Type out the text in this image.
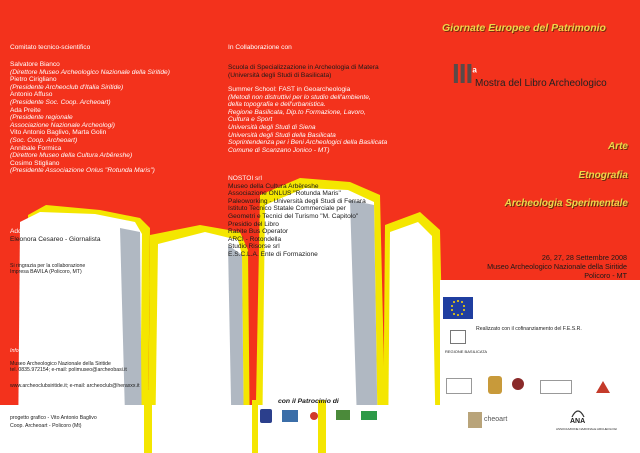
Comitato tecnico-scientifico
Salvatore Bianco
(Direttore Museo Archeologico Nazionale della Siritide)
Pietro Cirigliano
(Presidente Archeoclub d'Italia Siritide)
Antonio Affuso
(Presidente Soc. Coop. Archeoart)
Ada Preite
(Presidente regionale
Associazione Nazionale Archeologi)
Vito Antonio Baglivo, Marta Golin
(Soc. Coop. Archeoart)
Annibale Formica
(Direttore Museo della Cultura Arbëreshe)
Cosimo Stigliano
(Presidente Associazione Onlus "Rotunda Maris")
Addetto stampa e comunicazione
Eleonora Cesareo - Giornalista
Si ringrazia per la collaborazione
Impresa BAVILA (Policoro, MT)
Info
Museo Archeologico Nazionale della Siritide
tel. 0835.972154; e-mail: polimuseo@archeobasi.it
www.archeoclubsiritide.it; e-mail: archeoclub@heraxxx.it
progetto grafico - Vito Antonio Baglivo
Coop. Archeoart - Policoro (Mt)
In Collaborazione con
Scuola di Specializzazione in Archeologia di Matera
(Università degli Studi di Basilicata)
Summer School: FAST in Geoarcheologia
(Metodi non distruttivi per lo studio dell'ambiente,
della topografia e dell'urbanistica.
Regione Basilicata, Dip.to Formazione, Lavoro,
Cultura e Sport
Università degli Studi di Siena
Università degli Studi della Basilicata
Soprintendenza per i Beni Archeologici della Basilicata
Comune di Scanzano Jonico - MT)
NOSTOI srl
Museo della Cultura Arbëreshe
Associazione ONLUS "Rotunda Maris"
Paleoworking - Università degli Studi di Ferrara
Istituto Tecnico Statale Commerciale per
Geometri e Tecnici del Turismo "M. Capitolo"
Presidio del Libro
Rabite Bus Operator
ARCI - Rotondella
Studio Risorse srl
E.S.C.L.A. Ente di Formazione
con il Patrocinio di
Giornate Europee del Patrimonio
III$^a$
Mostra del Libro Archeologico
Arte
Etnografia
Archeologia Sperimentale
26, 27, 28 Settembre 2008
Museo Archeologico Nazionale della Siritide
Policoro - MT
REGIONE BASILICATA
Realizzato con il cofinanziamento del F.E.S.R.
cheoart	ANA
ASSOCIAZIONE NAZIONALE ARCHEOLOGI
